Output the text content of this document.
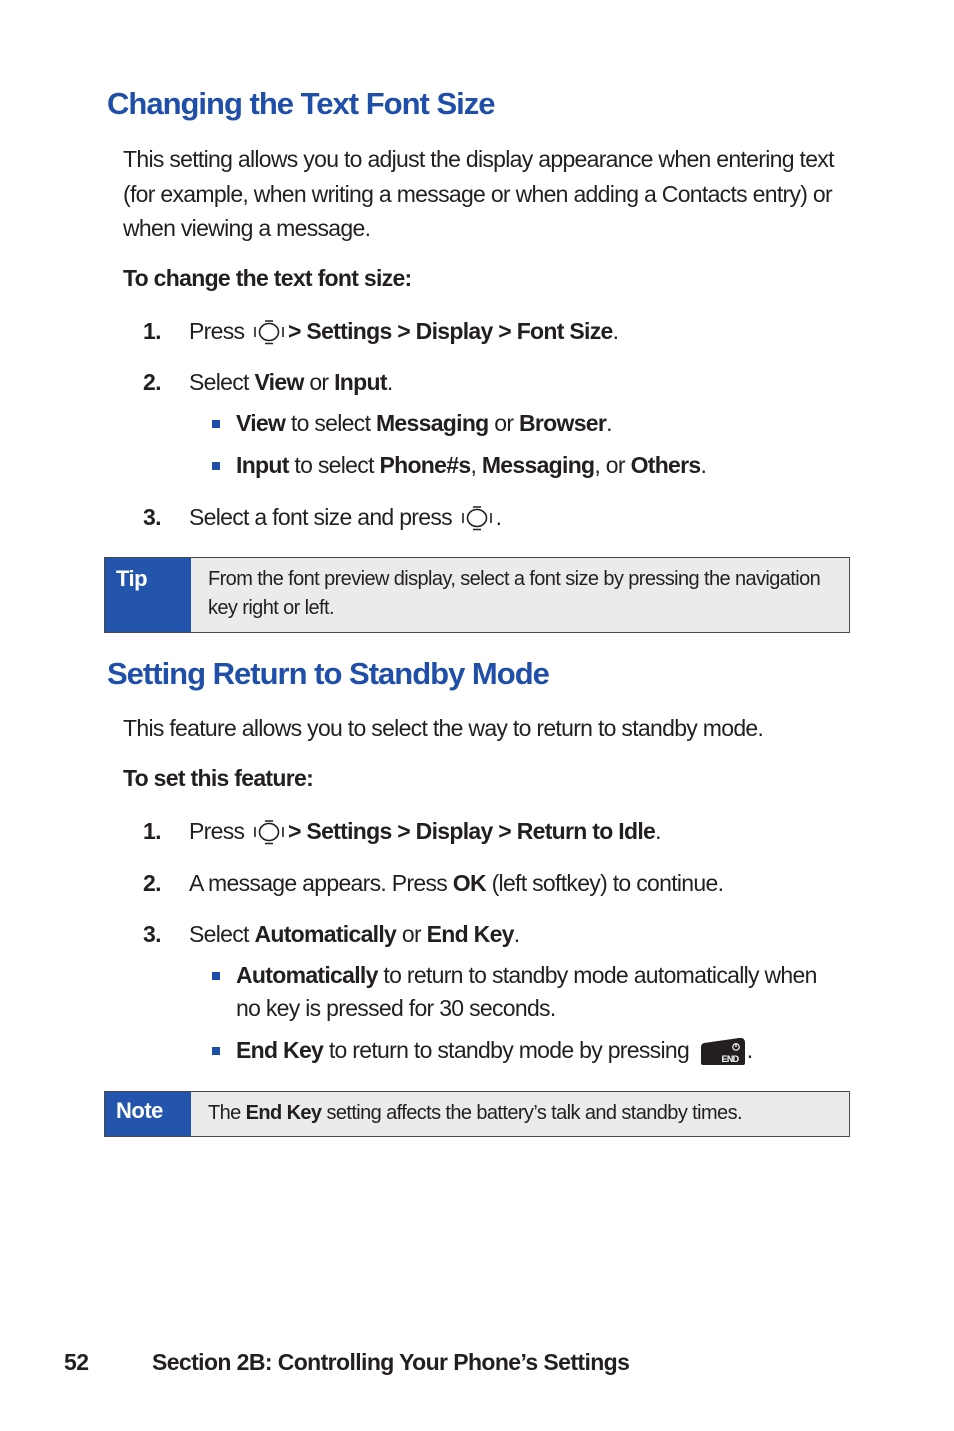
Changing the Text Font Size

This setting allows you to adjust the display appearance when entering text (for example, when writing a message or when adding a Contacts entry) or when viewing a message.

To change the text font size:

1. Press > Settings > Display > Font Size.
2. Select View or Input.
View to select Messaging or Browser.
Input to select Phone#s, Messaging, or Others.
3. Select a font size and press .
Tip	From the font preview display, select a font size by pressing the navigation key right or left.
Setting Return to Standby Mode

This feature allows you to select the way to return to standby mode.

To set this feature:

1. Press > Settings > Display > Return to Idle.
2. A message appears. Press OK (left softkey) to continue.
3. Select Automatically or End Key.
Automatically to return to standby mode automatically when no key is pressed for 30 seconds.
End Key to return to standby mode by pressing	END .
Note	The End Key setting affects the battery’s talk and standby times.
52	Section 2B: Controlling Your Phone’s Settings
